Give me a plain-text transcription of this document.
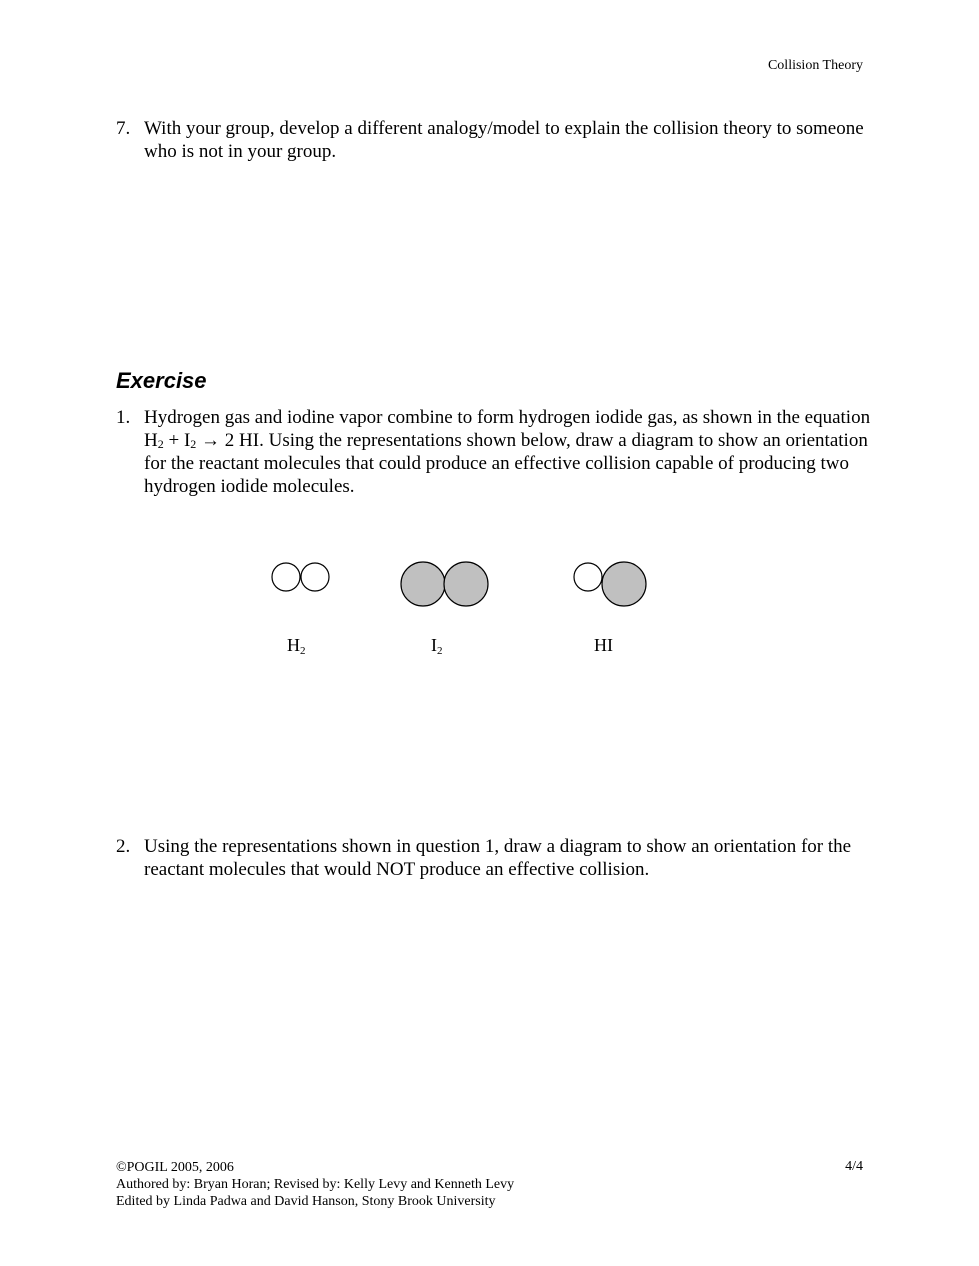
Collision Theory
7. With your group, develop a different analogy/model to explain the collision theory to someone who is not in your group.
Exercise
1. Hydrogen gas and iodine vapor combine to form hydrogen iodide gas, as shown in the equation $H_2 + I_2 \to 2$ HI. Using the representations shown below, draw a diagram to show an orientation for the reactant molecules that could produce an effective collision capable of producing two hydrogen iodide molecules.
$H_2$	$I_2$	HI
2. Using the representations shown in question 1, draw a diagram to show an orientation for the reactant molecules that would NOT produce an effective collision.
©POGIL 2005, 2006
Authored by: Bryan Horan; Revised by: Kelly Levy and Kenneth Levy
Edited by Linda Padwa and David Hanson, Stony Brook University
4/4
